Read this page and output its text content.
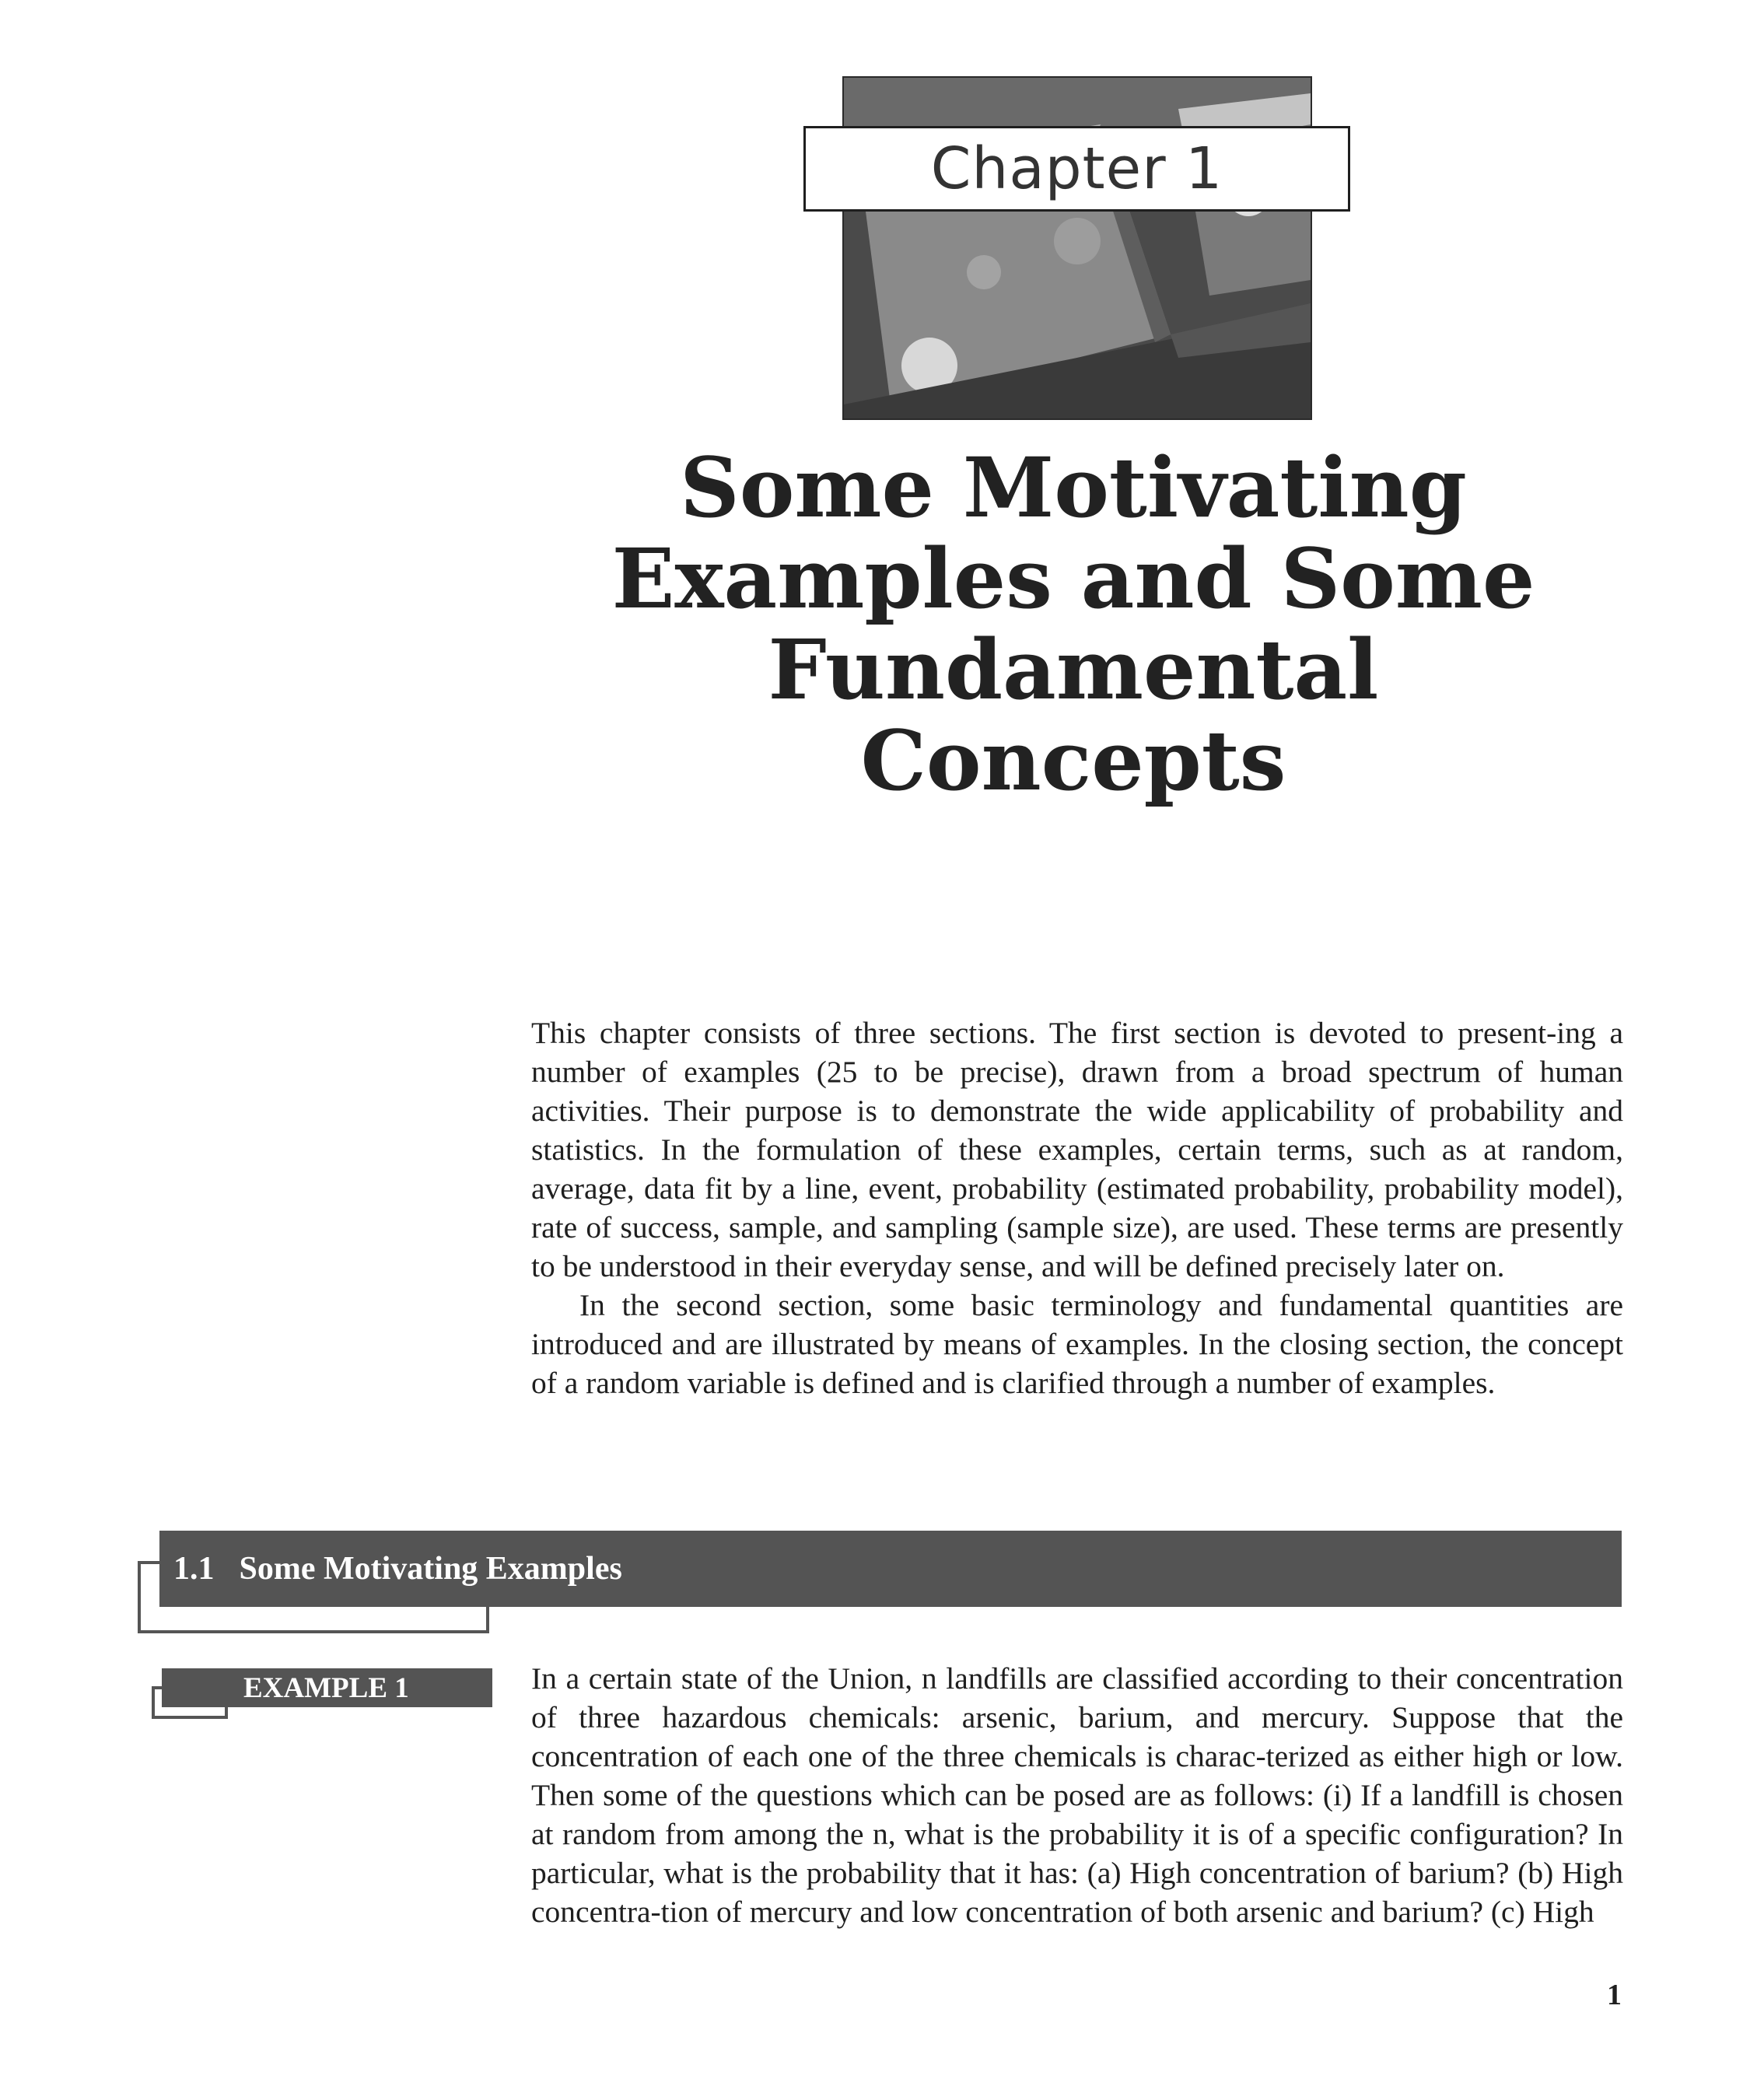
Chapter 1
Some Motivating
Examples and Some
Fundamental
Concepts

This chapter consists of three sections. The first section is devoted to present-ing a number of examples (25 to be precise), drawn from a broad spectrum of human activities. Their purpose is to demonstrate the wide applicability of probability and statistics. In the formulation of these examples, certain terms, such as at random, average, data fit by a line, event, probability (estimated probability, probability model), rate of success, sample, and sampling (sample size), are used. These terms are presently to be understood in their everyday sense, and will be defined precisely later on.

In the second section, some basic terminology and fundamental quantities are introduced and are illustrated by means of examples. In the closing section, the concept of a random variable is defined and is clarified through a number of examples.

1.1 Some Motivating Examples
EXAMPLE 1	In a certain state of the Union, n landfills are classified according to their concentration of three hazardous chemicals: arsenic, barium, and mercury. Suppose that the concentration of each one of the three chemicals is charac-terized as either high or low. Then some of the questions which can be posed are as follows: (i) If a landfill is chosen at random from among the n, what is the probability it is of a specific configuration? In particular, what is the probability that it has: (a) High concentration of barium? (b) High concentra-tion of mercury and low concentration of both arsenic and barium? (c) High

1
